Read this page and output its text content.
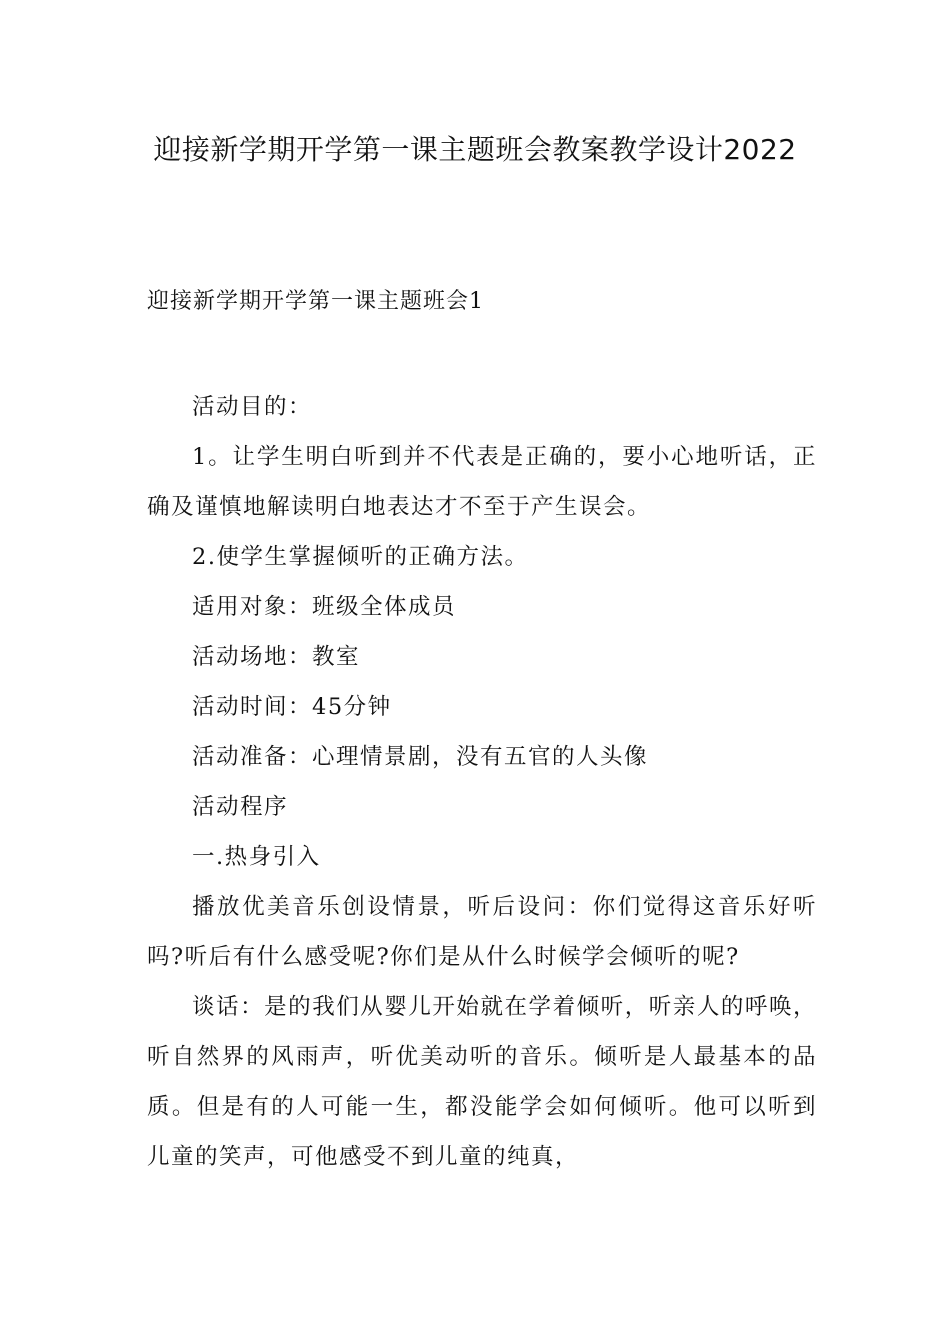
迎接新学期开学第一课主题班会教案教学设计2022
迎接新学期开学第一课主题班会1

活动目的：

1。让学生明白听到并不代表是正确的，要小心地听话，正确及谨慎地解读明白地表达才不至于产生误会。

2.使学生掌握倾听的正确方法。

适用对象：班级全体成员

活动场地：教室

活动时间：45分钟

活动准备：心理情景剧，没有五官的人头像

活动程序

一.热身引入

播放优美音乐创设情景，听后设问：你们觉得这音乐好听吗?听后有什么感受呢?你们是从什么时候学会倾听的呢?

谈话：是的我们从婴儿开始就在学着倾听，听亲人的呼唤，听自然界的风雨声，听优美动听的音乐。倾听是人最基本的品质。但是有的人可能一生，都没能学会如何倾听。他可以听到儿童的笑声，可他感受不到儿童的纯真，
